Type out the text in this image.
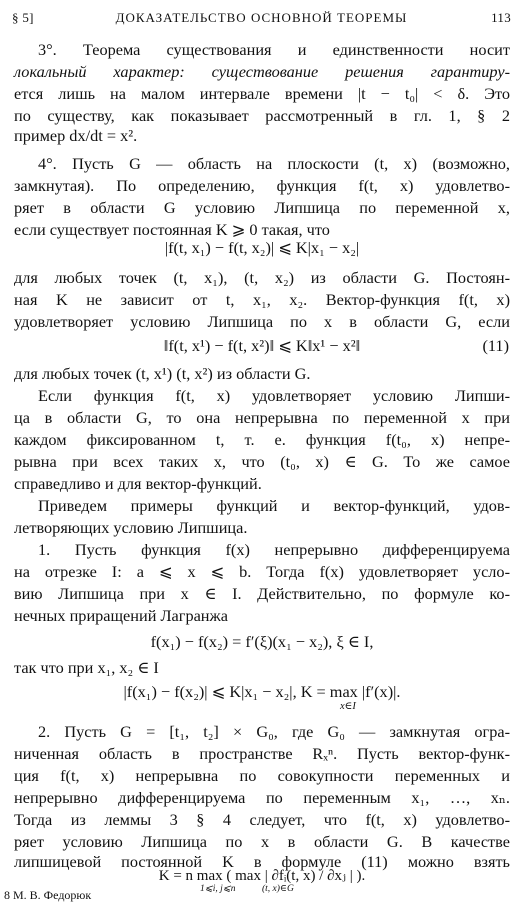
§ 5]	ДОКАЗАТЕЛЬСТВО ОСНОВНОЙ ТЕОРЕМЫ	113
3°. Теорема существования и единственности носит
локальный характер: существование решения гарантиру-
ется лишь на малом интервале времени |t − t₀| < δ. Это
по существу, как показывает рассмотренный в гл. 1, § 2
пример dx/dt = x².
4°. Пусть G — область на плоскости (t, x) (возможно,
замкнутая). По определению, функция f(t, x) удовлетво-
ряет в области G условию Липшица по переменной x,
если существует постоянная K ⩾ 0 такая, что
|f(t, x₁) − f(t, x₂)| ⩽ K|x₁ − x₂|
для любых точек (t, x₁), (t, x₂) из области G. Постоян-
ная K не зависит от t, x₁, x₂. Вектор-функция f(t, x)
удовлетворяет условию Липшица по x в области G, если
‖f(t, x¹) − f(t, x²)‖ ⩽ K‖x¹ − x²‖	(11)
для любых точек (t, x¹) (t, x²) из области G.
Если функция f(t, x) удовлетворяет условию Липши-
ца в области G, то она непрерывна по переменной x при
каждом фиксированном t, т. е. функция f(t₀, x) непре-
рывна при всех таких x, что (t₀, x) ∈ G. То же самое
справедливо и для вектор-функций.
Приведем примеры функций и вектор-функций, удов-
летворяющих условию Липшица.
1. Пусть функция f(x) непрерывно дифференцируема
на отрезке I: a ⩽ x ⩽ b. Тогда f(x) удовлетворяет усло-
вию Липшица при x ∈ I. Действительно, по формуле ко-
нечных приращений Лагранжа
f(x₁) − f(x₂) = f′(ξ)(x₁ − x₂), ξ ∈ I,
так что при x₁, x₂ ∈ I
|f(x₁) − f(x₂)| ⩽ K|x₁ − x₂|, K = max |f′(x)|.
x∈I
2. Пусть G = [t₁, t₂] × G₀, где G₀ — замкнутая огра-
ниченная область в пространстве Rₓⁿ. Пусть вектор-функ-
ция f(t, x) непрерывна по совокупности переменных и
непрерывно дифференцируема по переменным x₁, …, xₙ.
Тогда из леммы 3 § 4 следует, что f(t, x) удовлетво-
ряет условию Липшица по x в области G. В качестве
липшицевой постоянной K в формуле (11) можно взять
K = n max ( max | ∂fᵢ(t, x) / ∂xⱼ | ).
1⩽i, j⩽n	(t, x)∈G
8 М. В. Федорюк
